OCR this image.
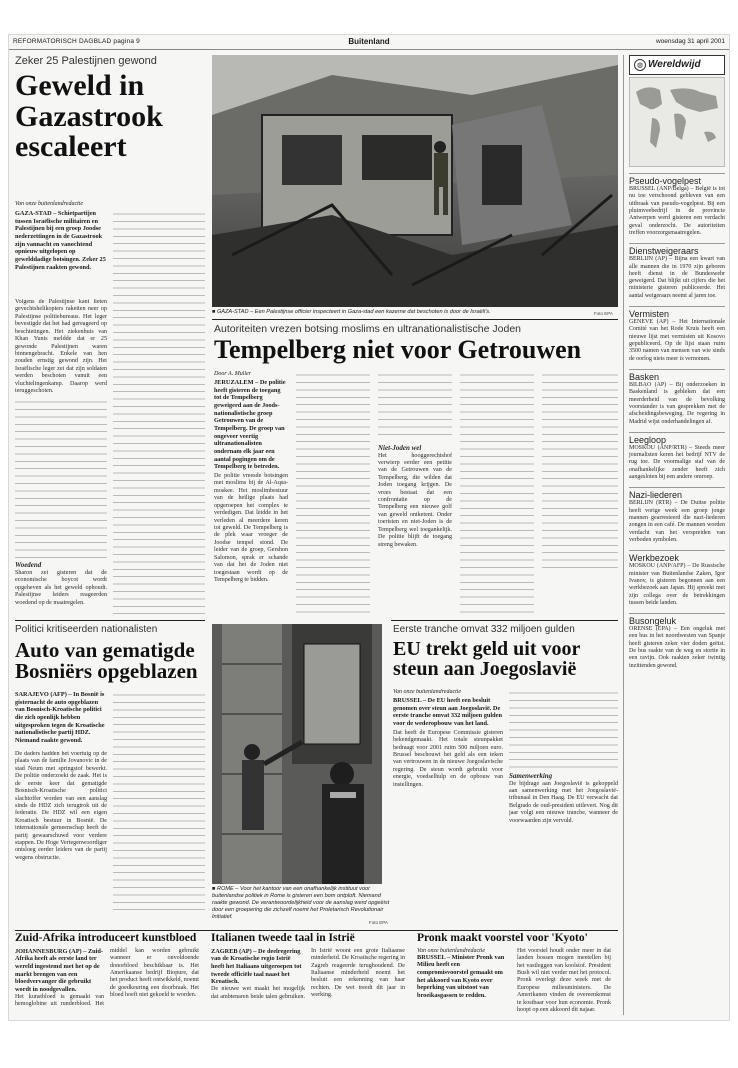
REFORMATORISCH DAGBLAD pagina 9	Buitenland	woensdag 31 april 2001
Zeker 25 Palestijnen gewond
Geweld in Gazastrook escaleert
Van onze buitenlandredactie
GAZA-STAD – Schietpartijen tussen Israëlische militairen en Palestijnen bij een groep Joodse nederzettingen in de Gazastrook zijn vannacht en vanochtend opnieuw uitgelopen op gewelddadige botsingen. Zeker 25 Palestijnen raakten gewond.
Volgens de Palestijnse kant lieten gevechtshelikopters raketten neer op Palestijnse politiebureaus. Het leger bevestigde dat het had gereageerd op beschietingen. Het ziekenhuis van Khan Yunis meldde dat er 25 gewonde Palestijnen waren binnengebracht. Enkele van hen zouden ernstig gewond zijn. Het Israëlische leger zei dat zijn soldaten werden beschoten vanuit een vluchtelingenkamp. Daarop werd teruggeschoten.
Woedend
Sharon zei gisteren dat de economische boycot wordt opgeheven als het geweld ophoudt. Palestijnse leiders reageerden woedend op de maatregelen.
■ GAZA-STAD – Een Palestijnse officier inspecteert in Gaza-stad een kazerne dat beschoten is door de Israëli's.	Foto EPA
Autoriteiten vrezen botsing moslims en ultranationalistische Joden
Tempelberg niet voor Getrouwen
Door A. Muller
JERUZALEM – De politie heeft gisteren de toegang tot de Tempelberg geweigerd aan de Joods-nationalistische groep Getrouwen van de Tempelberg. De groep van ongeveer veertig ultranationalisten ondernam elk jaar een aantal pogingen om de Tempelberg te betreden.
De politie vreesde botsingen met moslims bij de Al-Aqsa-moskee. Het moslimbestuur van de heilige plaats had opgeroepen het complex te verdedigen. Dat leidde in het verleden al meerdere keren tot geweld. De Tempelberg is de plek waar vroeger de Joodse tempel stond. De leider van de groep, Gershon Salomon, sprak er schande van dat het de Joden niet toegestaan wordt op de Tempelberg te bidden.
Niet-Joden wel
Het hooggerechtshof verwierp eerder een petitie van de Getrouwen van de Tempelberg, die wilden dat Joden toegang krijgen. De vrees bestaat dat een confrontatie op de Tempelberg een nieuwe golf van geweld ontketent. Onder toeristen en niet-Joden is de Tempelberg wel toegankelijk. De politie blijft de toegang streng bewaken.
◍ Wereldwijd
Pseudo-vogelpest
BRUSSEL (ANP/Belga) – België is tot nu toe verschoond gebleven van een uitbraak van pseudo-vogelpest. Bij een pluimveebedrijf in de provincie Antwerpen werd gisteren een verdacht geval onderzocht. De autoriteiten treffen voorzorgsmaatregelen.
Dienstweigeraars
BERLIJN (AP) – Bijna een kwart van alle mannen die in 1970 zijn geboren heeft dienst in de Bundeswehr geweigerd. Dat blijkt uit cijfers die het ministerie gisteren publiceerde. Het aantal weigeraars neemt al jaren toe.
Vermisten
GENEVE (AP) – Het Internationale Comité van het Rode Kruis heeft een nieuwe lijst met vermisten uit Kosovo gepubliceerd. Op de lijst staan ruim 3500 namen van mensen van wie sinds de oorlog niets meer is vernomen.
Basken
BILBAO (AP) – Bij onderzoeken in Baskenland is gebleken dat een meerderheid van de bevolking voorstander is van gesprekken met de afscheidingsbeweging. De regering in Madrid wijst onderhandelingen af.
Leegloop
MOSKOU (ANP/RTR) – Steeds meer journalisten keren het bedrijf NTV de rug toe. De voormalige staf van de onafhankelijke zender heeft zich aangesloten bij een andere omroep.
Nazi-liederen
BERLIJN (RTR) – De Duitse politie heeft vorige week een groep jonge mannen gearresteerd die nazi-liederen zongen in een café. De mannen worden verdacht van het verspreiden van verboden symbolen.
Werkbezoek
MOSKOU (ANP/AFP) – De Russische minister van Buitenlandse Zaken, Igor Ivanov, is gisteren begonnen aan een werkbezoek aan Japan. Hij spreekt met zijn collega over de betrekkingen tussen beide landen.
Busongeluk
ORENSE (EPA) – Een ongeluk met een bus in het noordwesten van Spanje heeft gisteren zeker vier doden geëist. De bus raakte van de weg en stortte in een ravijn. Ook raakten zeker twintig inzittenden gewond.
Politici kritiseerden nationalisten
Auto van gematigde Bosniërs opgeblazen
SARAJEVO (AFP) – In Bosnië is gisternacht de auto opgeblazen van Bosnisch-Kroatische politici die zich openlijk hebben uitgesproken tegen de Kroatische nationalistische partij HDZ. Niemand raakte gewond.
De daders hadden het voertuig op de plaats van de familie Jovanovic in de stad Neum met springstof bewerkt. De politie onderzoekt de zaak. Het is de eerste keer dat gematigde Bosnisch-Kroatische politici slachtoffer worden van een aanslag sinds de HDZ zich terugtrok uit de federatie. De HDZ wil een eigen Kroatisch bestuur in Bosnië. De internationale gemeenschap heeft de partij gewaarschuwd voor verdere stappen. De Hoge Vertegenwoordiger ontsloeg eerder leiders van de partij wegens obstructie.
■ ROME – Voor het kantoor van een onafhankelijk instituut voor buitenlandse politiek in Rome is gisteren een bom ontploft. Niemand raakte gewond. De verantwoordelijkheid voor de aanslag werd opgeëist door een groepering die zichzelf noemt het Proletarisch Revolutionair Initiatief.
Foto EPA
Eerste tranche omvat 332 miljoen gulden
EU trekt geld uit voor steun aan Joegoslavië
Van onze buitenlandredactie
BRUSSEL – De EU heeft een besluit genomen over steun aan Joegoslavië. De eerste tranche omvat 332 miljoen gulden voor de wederopbouw van het land.
Dat heeft de Europese Commissie gisteren bekendgemaakt. Het totale steunpakket bedraagt voor 2001 ruim 500 miljoen euro. Brussel beschouwt het geld als een teken van vertrouwen in de nieuwe Joegoslavische regering. De steun wordt gebruikt voor energie, voedselhulp en de opbouw van instellingen.
Samenwerking
De bijdrage aan Joegoslavië is gekoppeld aan samenwerking met het Joegoslavië-tribunaal in Den Haag. De EU verwacht dat Belgrado de oud-president uitlevert. Nog dit jaar volgt een nieuwe tranche, wanneer de voorwaarden zijn vervuld.
Zuid-Afrika introduceert kunstbloed
JOHANNESBURG (AP) – Zuid-Afrika heeft als eerste land ter wereld ingestemd met het op de markt brengen van een bloedvervanger die gebruikt wordt in noodgevallen.
Het kunstbloed is gemaakt van hemoglobine uit runderbloed. Het middel kan worden gebruikt wanneer er onvoldoende donorbloed beschikbaar is. Het Amerikaanse bedrijf Biopure, dat het product heeft ontwikkeld, noemt de goedkeuring een doorbraak. Het bloed hoeft niet gekoeld te worden.
Italianen tweede taal in Istrië
ZAGREB (AP) – De deelregering van de Kroatische regio Istrië heeft het Italiaans uitgeroepen tot tweede officiële taal naast het Kroatisch.
De nieuwe wet maakt het mogelijk dat ambtenaren beide talen gebruiken. In Istrië woont een grote Italiaanse minderheid. De Kroatische regering in Zagreb reageerde terughoudend. De Italiaanse minderheid noemt het besluit een erkenning van haar rechten. De wet treedt dit jaar in werking.
Pronk maakt voorstel voor 'Kyoto'
Van onze buitenlandredactie
BRUSSEL – Minister Pronk van Milieu heeft een compromisvoorstel gemaakt om het akkoord van Kyoto over beperking van uitstoot van broeikasgassen te redden.
Het voorstel houdt onder meer in dat landen bossen mogen meetellen bij het vastleggen van koolstof. President Bush wil niet verder met het protocol. Pronk overlegt deze week met de Europese milieuministers. De Amerikanen vinden de overeenkomst te kostbaar voor hun economie. Pronk hoopt op een akkoord dit najaar.
